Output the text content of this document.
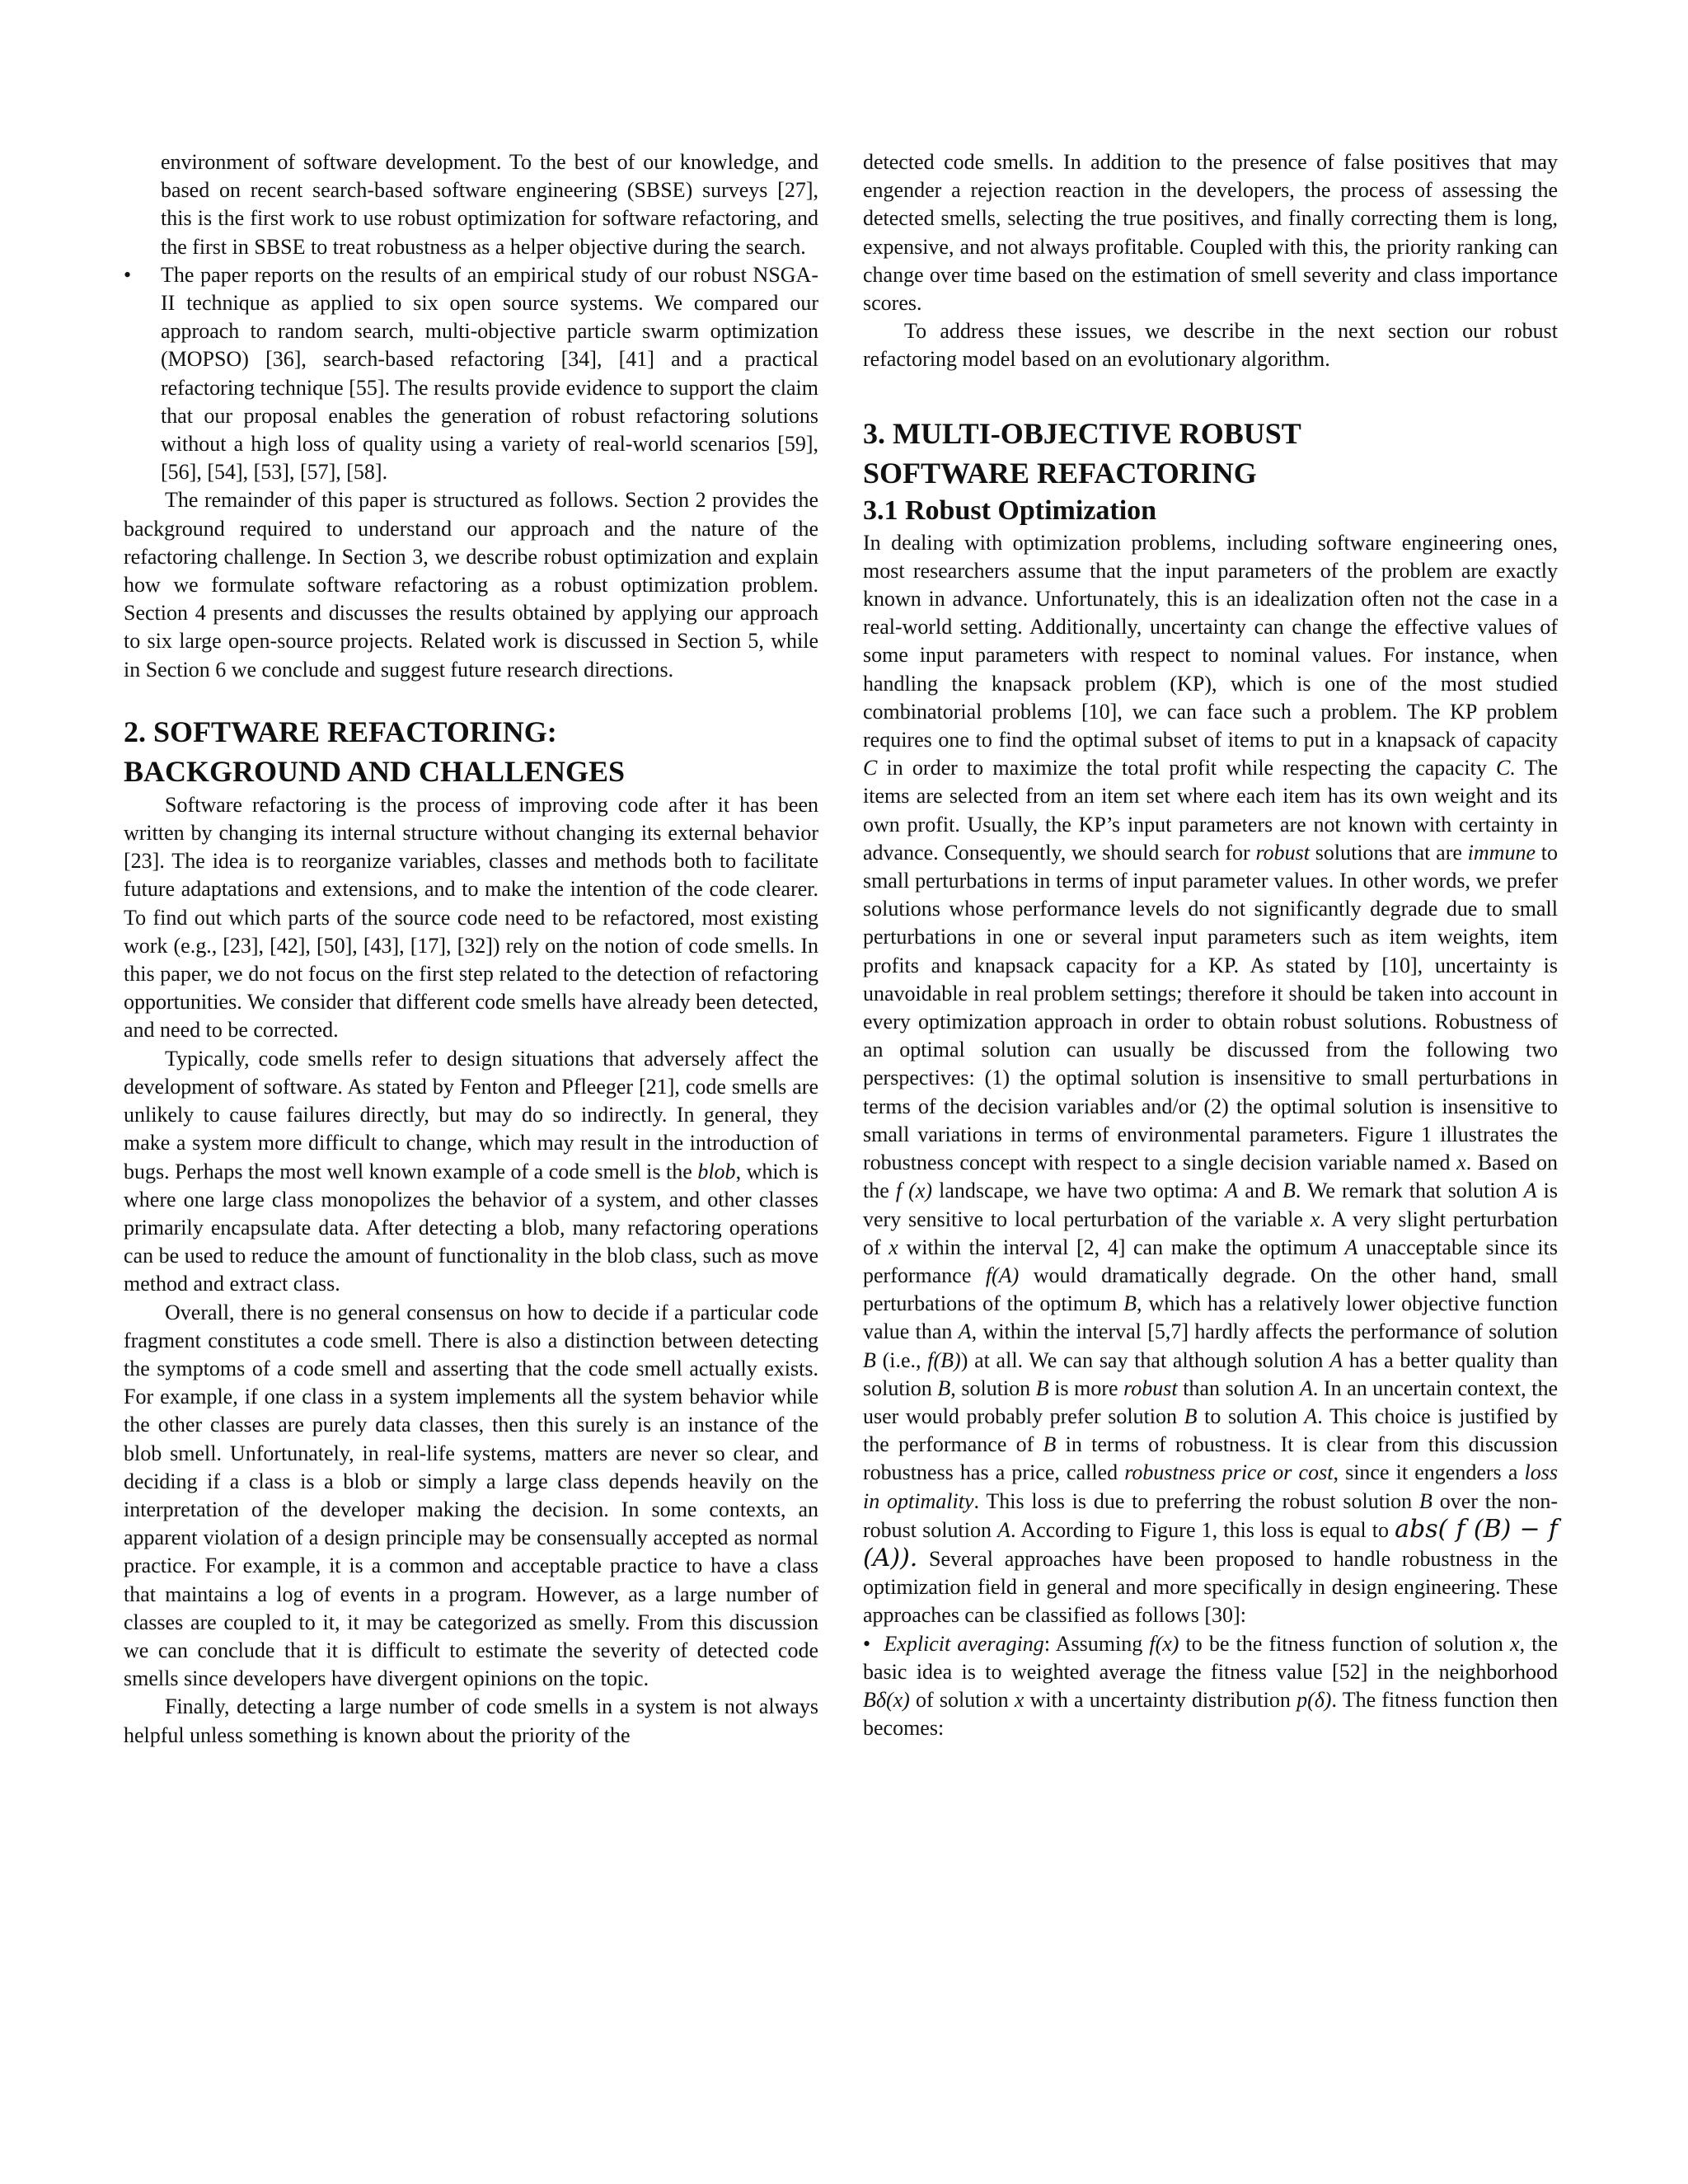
environment of software development. To the best of our knowledge, and based on recent search-based software engineering (SBSE) surveys [27], this is the first work to use robust optimization for software refactoring, and the first in SBSE to treat robustness as a helper objective during the search.

•	The paper reports on the results of an empirical study of our robust NSGA-II technique as applied to six open source systems. We compared our approach to random search, multi-objective particle swarm optimization (MOPSO) [36], search-based refactoring [34], [41] and a practical refactoring technique [55]. The results provide evidence to support the claim that our proposal enables the generation of robust refactoring solutions without a high loss of quality using a variety of real-world scenarios [59], [56], [54], [53], [57], [58].

The remainder of this paper is structured as follows. Section 2 provides the background required to understand our approach and the nature of the refactoring challenge. In Section 3, we describe robust optimization and explain how we formulate software refactoring as a robust optimization problem. Section 4 presents and discusses the results obtained by applying our approach to six large open-source projects. Related work is discussed in Section 5, while in Section 6 we conclude and suggest future research directions.

2. SOFTWARE REFACTORING:
BACKGROUND AND CHALLENGES

Software refactoring is the process of improving code after it has been written by changing its internal structure without changing its external behavior [23]. The idea is to reorganize variables, classes and methods both to facilitate future adaptations and extensions, and to make the intention of the code clearer. To find out which parts of the source code need to be refactored, most existing work (e.g., [23], [42], [50], [43], [17], [32]) rely on the notion of code smells. In this paper, we do not focus on the first step related to the detection of refactoring opportunities. We consider that different code smells have already been detected, and need to be corrected.

Typically, code smells refer to design situations that adversely affect the development of software. As stated by Fenton and Pfleeger [21], code smells are unlikely to cause failures directly, but may do so indirectly. In general, they make a system more difficult to change, which may result in the introduction of bugs. Perhaps the most well known example of a code smell is the blob, which is where one large class monopolizes the behavior of a system, and other classes primarily encapsulate data. After detecting a blob, many refactoring operations can be used to reduce the amount of functionality in the blob class, such as move method and extract class.

Overall, there is no general consensus on how to decide if a particular code fragment constitutes a code smell. There is also a distinction between detecting the symptoms of a code smell and asserting that the code smell actually exists. For example, if one class in a system implements all the system behavior while the other classes are purely data classes, then this surely is an instance of the blob smell. Unfortunately, in real-life systems, matters are never so clear, and deciding if a class is a blob or simply a large class depends heavily on the interpretation of the developer making the decision. In some contexts, an apparent violation of a design principle may be consensually accepted as normal practice. For example, it is a common and acceptable practice to have a class that maintains a log of events in a program. However, as a large number of classes are coupled to it, it may be categorized as smelly. From this discussion we can conclude that it is difficult to estimate the severity of detected code smells since developers have divergent opinions on the topic.

Finally, detecting a large number of code smells in a system is not always helpful unless something is known about the priority of the

detected code smells. In addition to the presence of false positives that may engender a rejection reaction in the developers, the process of assessing the detected smells, selecting the true positives, and finally correcting them is long, expensive, and not always profitable. Coupled with this, the priority ranking can change over time based on the estimation of smell severity and class importance scores.

To address these issues, we describe in the next section our robust refactoring model based on an evolutionary algorithm.

3. MULTI-OBJECTIVE ROBUST
SOFTWARE REFACTORING
3.1 Robust Optimization

In dealing with optimization problems, including software engineering ones, most researchers assume that the input parameters of the problem are exactly known in advance. Unfortunately, this is an idealization often not the case in a real-world setting. Additionally, uncertainty can change the effective values of some input parameters with respect to nominal values. For instance, when handling the knapsack problem (KP), which is one of the most studied combinatorial problems [10], we can face such a problem. The KP problem requires one to find the optimal subset of items to put in a knapsack of capacity C in order to maximize the total profit while respecting the capacity C. The items are selected from an item set where each item has its own weight and its own profit. Usually, the KP’s input parameters are not known with certainty in advance. Consequently, we should search for robust solutions that are immune to small perturbations in terms of input parameter values. In other words, we prefer solutions whose performance levels do not significantly degrade due to small perturbations in one or several input parameters such as item weights, item profits and knapsack capacity for a KP. As stated by [10], uncertainty is unavoidable in real problem settings; therefore it should be taken into account in every optimization approach in order to obtain robust solutions. Robustness of an optimal solution can usually be discussed from the following two perspectives: (1) the optimal solution is insensitive to small perturbations in terms of the decision variables and/or (2) the optimal solution is insensitive to small variations in terms of environmental parameters. Figure 1 illustrates the robustness concept with respect to a single decision variable named x. Based on the f (x) landscape, we have two optima: A and B. We remark that solution A is very sensitive to local perturbation of the variable x. A very slight perturbation of x within the interval [2, 4] can make the optimum A unacceptable since its performance f(A) would dramatically degrade. On the other hand, small perturbations of the optimum B, which has a relatively lower objective function value than A, within the interval [5,7] hardly affects the performance of solution B (i.e., f(B)) at all. We can say that although solution A has a better quality than solution B, solution B is more robust than solution A. In an uncertain context, the user would probably prefer solution B to solution A. This choice is justified by the performance of B in terms of robustness. It is clear from this discussion robustness has a price, called robustness price or cost, since it engenders a loss in optimality. This loss is due to preferring the robust solution B over the non-robust solution A. According to Figure 1, this loss is equal to abs( f (B) − f (A)). Several approaches have been proposed to handle robustness in the optimization field in general and more specifically in design engineering. These approaches can be classified as follows [30]:

• Explicit averaging: Assuming f(x) to be the fitness function of solution x, the basic idea is to weighted average the fitness value [52] in the neighborhood Bδ(x) of solution x with a uncertainty distribution p(δ). The fitness function then becomes:
